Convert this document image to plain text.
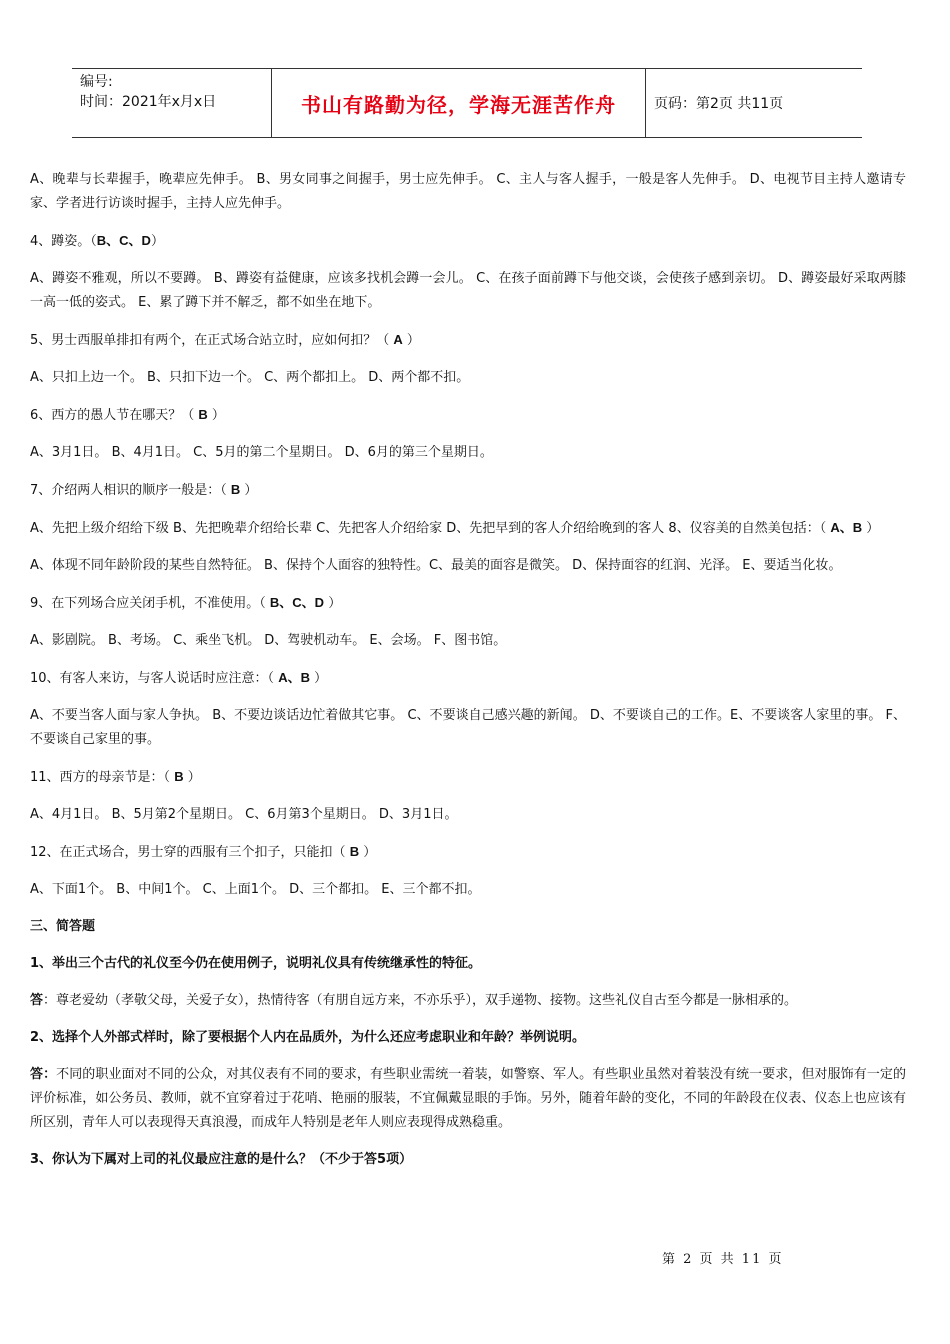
编号:
时间：2021年x月x日	书山有路勤为径，学海无涯苦作舟	页码：第2页 共11页

A、晚辈与长辈握手，晚辈应先伸手。 B、男女同事之间握手，男士应先伸手。 C、主人与客人握手，一般是客人先伸手。 D、电视节目主持人邀请专家、学者进行访谈时握手，主持人应先伸手。

4、蹲姿。（B、C、D）

A、蹲姿不雅观，所以不要蹲。 B、蹲姿有益健康，应该多找机会蹲一会儿。 C、在孩子面前蹲下与他交谈，会使孩子感到亲切。 D、蹲姿最好采取两膝一高一低的姿式。 E、累了蹲下并不解乏，都不如坐在地下。

5、男士西服单排扣有两个，在正式场合站立时，应如何扣？（ A ）

A、只扣上边一个。 B、只扣下边一个。 C、两个都扣上。 D、两个都不扣。

6、西方的愚人节在哪天？（ B ）

A、3月1日。 B、4月1日。 C、5月的第二个星期日。 D、6月的第三个星期日。

7、介绍两人相识的顺序一般是：（ B ）

A、先把上级介绍给下级 B、先把晚辈介绍给长辈 C、先把客人介绍给家 D、先把早到的客人介绍给晚到的客人 8、仪容美的自然美包括：（ A、B ）

A、体现不同年龄阶段的某些自然特征。 B、保持个人面容的独特性。C、最美的面容是微笑。 D、保持面容的红润、光泽。 E、要适当化妆。

9、在下列场合应关闭手机，不准使用。（ B、C、D ）

A、影剧院。 B、考场。 C、乘坐飞机。 D、驾驶机动车。 E、会场。 F、图书馆。

10、有客人来访，与客人说话时应注意：（ A、B ）

A、不要当客人面与家人争执。 B、不要边谈话边忙着做其它事。 C、不要谈自己感兴趣的新闻。 D、不要谈自己的工作。E、不要谈客人家里的事。 F、不要谈自己家里的事。

11、西方的母亲节是：（ B ）

A、4月1日。 B、5月第2个星期日。 C、6月第3个星期日。 D、3月1日。

12、在正式场合，男士穿的西服有三个扣子，只能扣（ B ）

A、下面1个。 B、中间1个。 C、上面1个。 D、三个都扣。 E、三个都不扣。

三、简答题

1、举出三个古代的礼仪至今仍在使用例子，说明礼仪具有传统继承性的特征。

答：尊老爱幼（孝敬父母，关爱子女），热情待客（有朋自远方来，不亦乐乎），双手递物、接物。这些礼仪自古至今都是一脉相承的。

2、选择个人外部式样时，除了要根据个人内在品质外，为什么还应考虑职业和年龄？举例说明。

答：不同的职业面对不同的公众，对其仪表有不同的要求，有些职业需统一着装，如警察、军人。有些职业虽然对着装没有统一要求，但对服饰有一定的评价标准，如公务员、教师，就不宜穿着过于花哨、艳丽的服装，不宜佩戴显眼的手饰。另外，随着年龄的变化，不同的年龄段在仪表、仪态上也应该有所区别，青年人可以表现得天真浪漫，而成年人特别是老年人则应表现得成熟稳重。

3、你认为下属对上司的礼仪最应注意的是什么？（不少于答5项）

第 2 页 共 11 页
